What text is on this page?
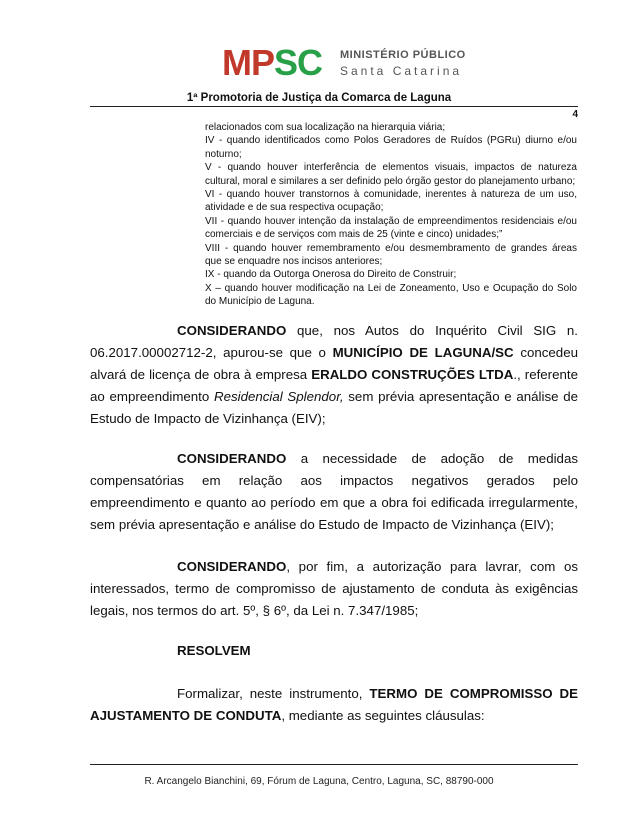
MPSC MINISTÉRIO PÚBLICO
Santa Catarina
1ª Promotoria de Justiça da Comarca de Laguna
4

relacionados com sua localização na hierarquia viária;

IV - quando identificados como Polos Geradores de Ruídos (PGRu) diurno e/ou noturno;

V - quando houver interferência de elementos visuais, impactos de natureza cultural, moral e similares a ser definido pelo órgão gestor do planejamento urbano;

VI - quando houver transtornos à comunidade, inerentes à natureza de um uso, atividade e de sua respectiva ocupação;

VII - quando houver intenção da instalação de empreendimentos residenciais e/ou comerciais e de serviços com mais de 25 (vinte e cinco) unidades;”

VIII - quando houver remembramento e/ou desmembramento de grandes áreas que se enquadre nos incisos anteriores;

IX - quando da Outorga Onerosa do Direito de Construir;

X – quando houver modificação na Lei de Zoneamento, Uso e Ocupação do Solo do Município de Laguna.

CONSIDERANDO que, nos Autos do Inquérito Civil SIG n. 06.2017.00002712-2, apurou-se que o MUNICÍPIO DE LAGUNA/SC concedeu alvará de licença de obra à empresa ERALDO CONSTRUÇÕES LTDA., referente ao empreendimento Residencial Splendor, sem prévia apresentação e análise de Estudo de Impacto de Vizinhança (EIV);

CONSIDERANDO a necessidade de adoção de medidas compensatórias em relação aos impactos negativos gerados pelo empreendimento e quanto ao período em que a obra foi edificada irregularmente, sem prévia apresentação e análise do Estudo de Impacto de Vizinhança (EIV);

CONSIDERANDO, por fim, a autorização para lavrar, com os interessados, termo de compromisso de ajustamento de conduta às exigências legais, nos termos do art. 5º, § 6º, da Lei n. 7.347/1985;

RESOLVEM

Formalizar, neste instrumento, TERMO DE COMPROMISSO DE AJUSTAMENTO DE CONDUTA, mediante as seguintes cláusulas:

R. Arcangelo Bianchini, 69, Fórum de Laguna, Centro, Laguna, SC, 88790-000
